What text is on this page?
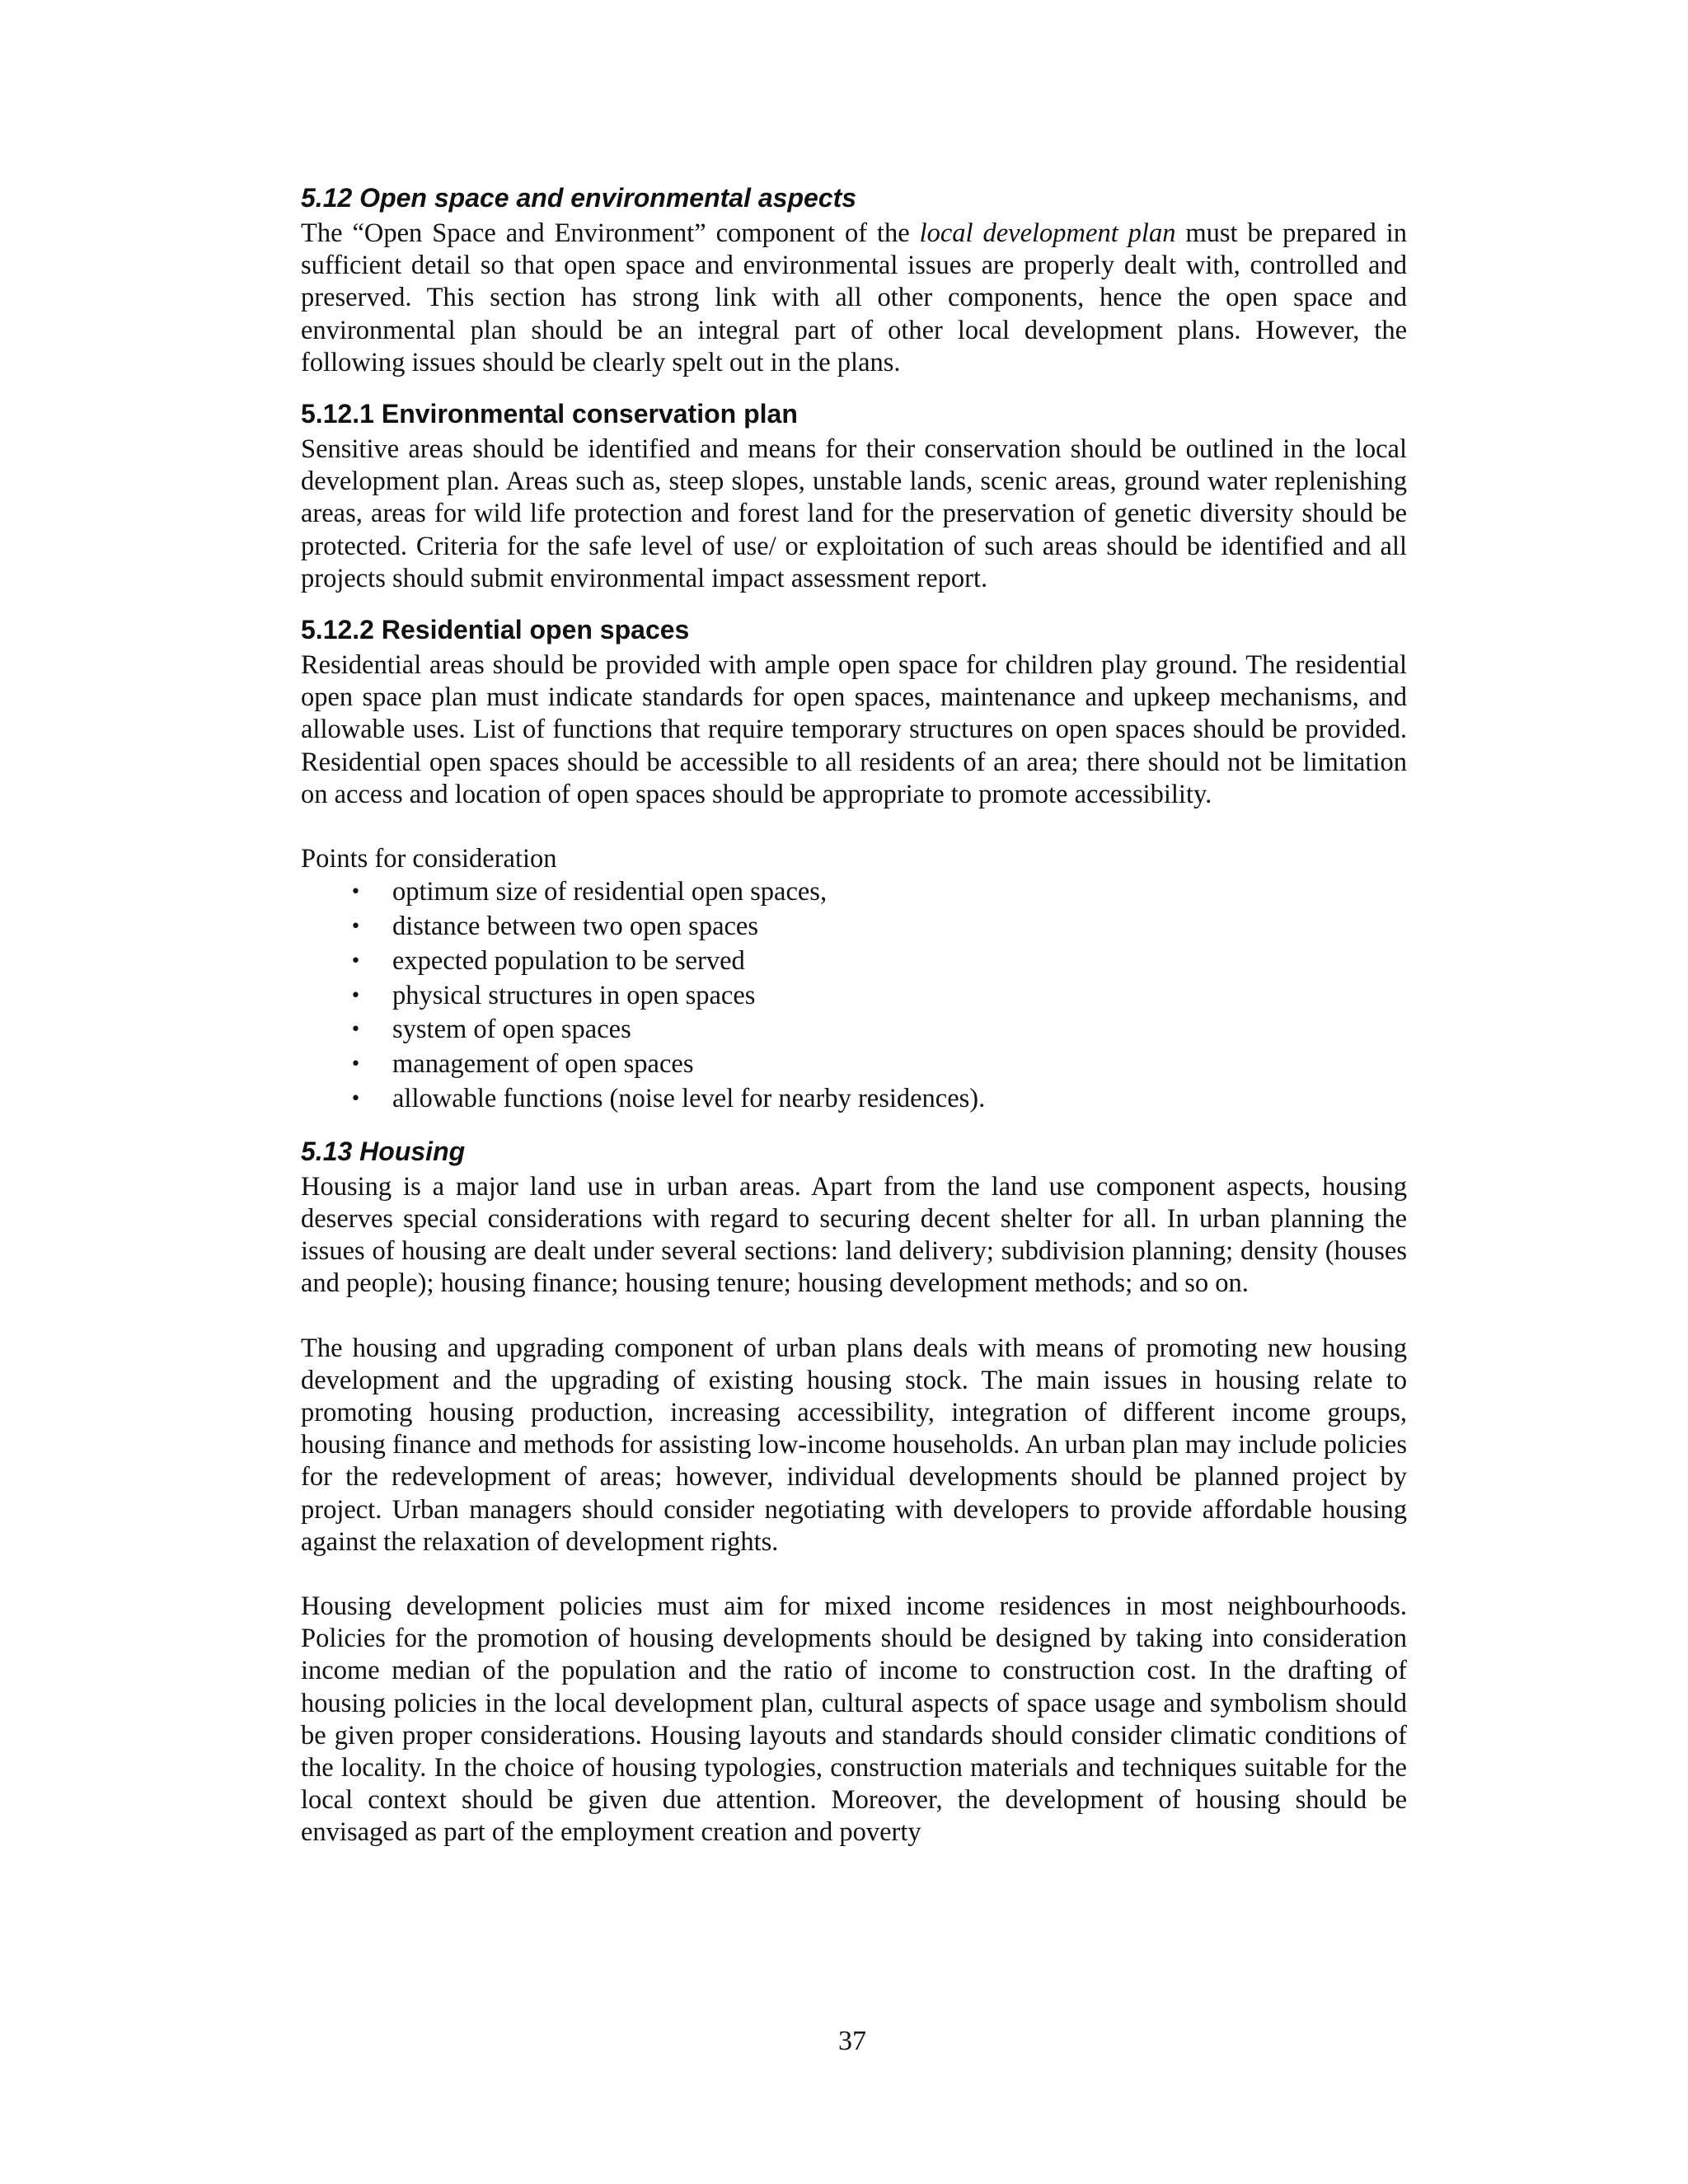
5.12 Open space and environmental aspects

The “Open Space and Environment” component of the local development plan must be prepared in sufficient detail so that open space and environmental issues are properly dealt with, controlled and preserved. This section has strong link with all other components, hence the open space and environmental plan should be an integral part of other local development plans. However, the following issues should be clearly spelt out in the plans.

5.12.1 Environmental conservation plan

Sensitive areas should be identified and means for their conservation should be outlined in the local development plan. Areas such as, steep slopes, unstable lands, scenic areas, ground water replenishing areas, areas for wild life protection and forest land for the preservation of genetic diversity should be protected. Criteria for the safe level of use/ or exploitation of such areas should be identified and all projects should submit environmental impact assessment report.

5.12.2 Residential open spaces

Residential areas should be provided with ample open space for children play ground. The residential open space plan must indicate standards for open spaces, maintenance and upkeep mechanisms, and allowable uses. List of functions that require temporary structures on open spaces should be provided. Residential open spaces should be accessible to all residents of an area; there should not be limitation on access and location of open spaces should be appropriate to promote accessibility.

Points for consideration

• optimum size of residential open spaces,
• distance between two open spaces
• expected population to be served
• physical structures in open spaces
• system of open spaces
• management of open spaces
• allowable functions (noise level for nearby residences).
5.13 Housing

Housing is a major land use in urban areas. Apart from the land use component aspects, housing deserves special considerations with regard to securing decent shelter for all. In urban planning the issues of housing are dealt under several sections: land delivery; subdivision planning; density (houses and people); housing finance; housing tenure; housing development methods; and so on.

The housing and upgrading component of urban plans deals with means of promoting new housing development and the upgrading of existing housing stock. The main issues in housing relate to promoting housing production, increasing accessibility, integration of different income groups, housing finance and methods for assisting low-income households. An urban plan may include policies for the redevelopment of areas; however, individual developments should be planned project by project. Urban managers should consider negotiating with developers to provide affordable housing against the relaxation of development rights.

Housing development policies must aim for mixed income residences in most neighbourhoods. Policies for the promotion of housing developments should be designed by taking into consideration income median of the population and the ratio of income to construction cost. In the drafting of housing policies in the local development plan, cultural aspects of space usage and symbolism should be given proper considerations. Housing layouts and standards should consider climatic conditions of the locality. In the choice of housing typologies, construction materials and techniques suitable for the local context should be given due attention. Moreover, the development of housing should be envisaged as part of the employment creation and poverty

37
